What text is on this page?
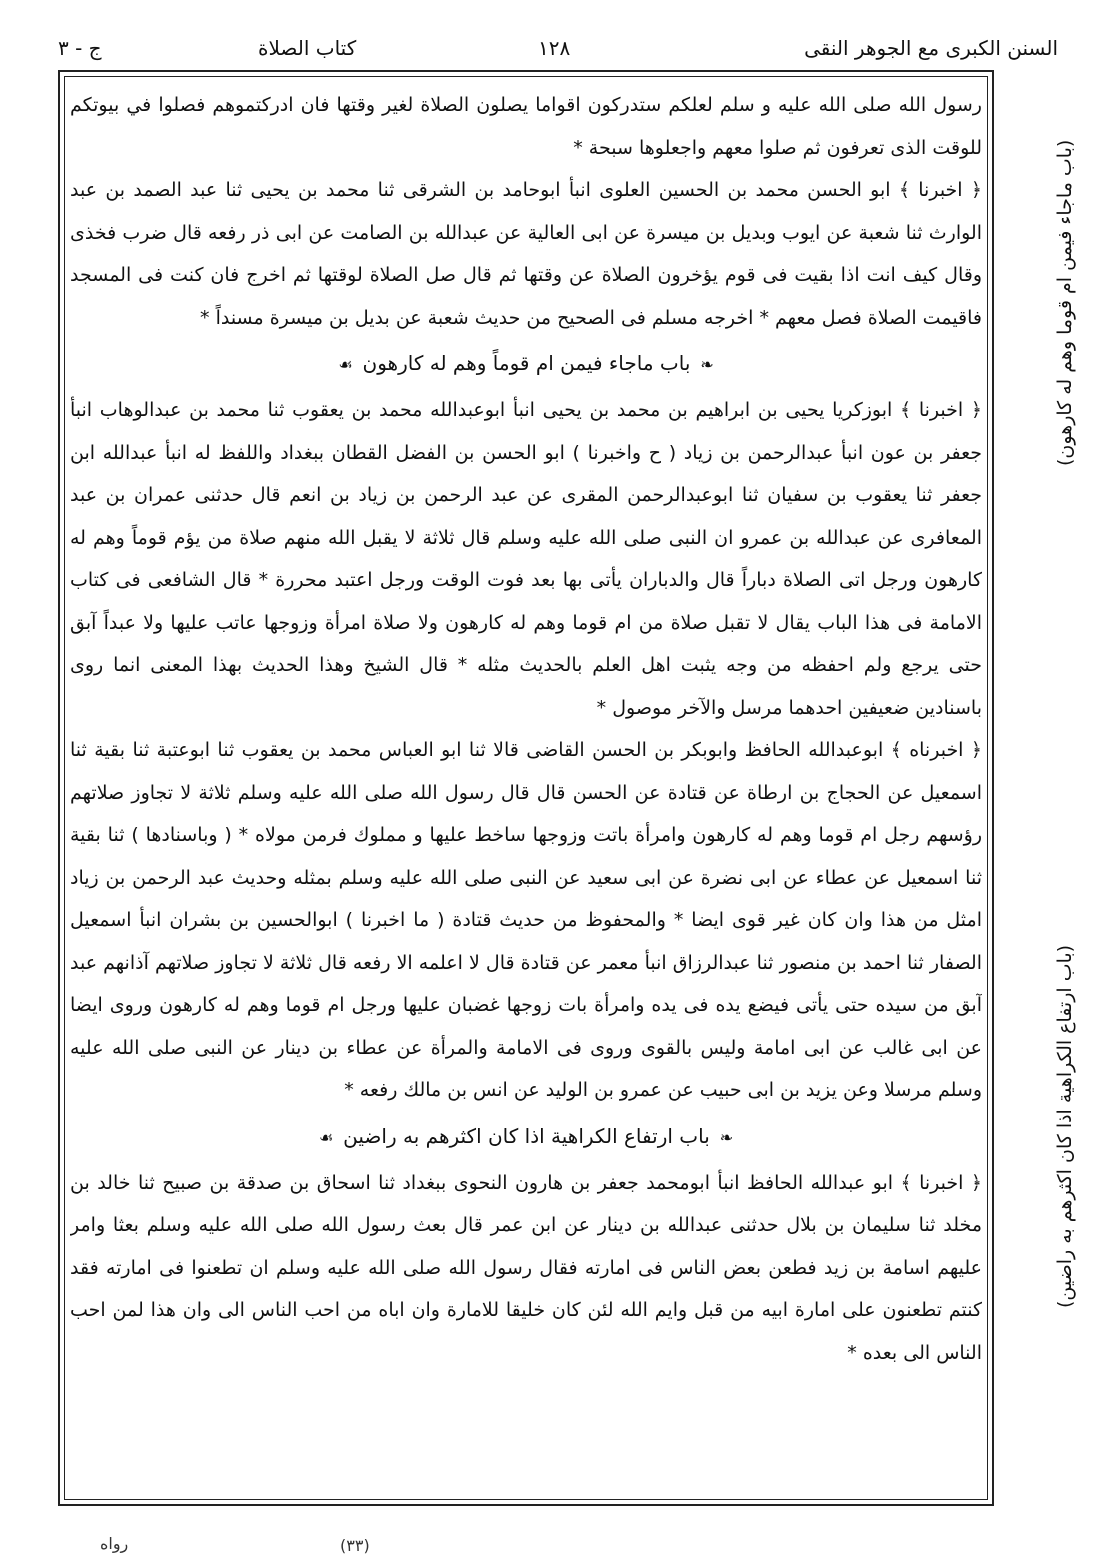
السنن الكبرى مع الجوهر النقى
١٢٨
كتاب الصلاة
ج - ٣
(باب ماجاء فيمن ام قوما وهم له كارهون)
(باب ارتفاع الكراهية اذا كان اكثرهم به راضين)

رسول الله صلى الله عليه و سلم لعلكم ستدركون اقواما يصلون الصلاة لغير وقتها فان ادركتموهم فصلوا في بيوتكم للوقت الذى تعرفون ثم صلوا معهم واجعلوها سبحة *

﴿ اخبرنا ﴾ ابو الحسن محمد بن الحسين العلوى انبأ ابوحامد بن الشرقى ثنا محمد بن يحيى ثنا عبد الصمد بن عبد الوارث ثنا شعبة عن ايوب وبديل بن ميسرة عن ابى العالية عن عبدالله بن الصامت عن ابى ذر رفعه قال ضرب فخذى وقال كيف انت اذا بقيت فى قوم يؤخرون الصلاة عن وقتها ثم قال صل الصلاة لوقتها ثم اخرج فان كنت فى المسجد فاقيمت الصلاة فصل معهم * اخرجه مسلم فى الصحيح من حديث شعبة عن بديل بن ميسرة مسنداً *

❧باب ماجاء فيمن ام قوماً وهم له كارهون☙

﴿ اخبرنا ﴾ ابوزكريا يحيى بن ابراهيم بن محمد بن يحيى انبأ ابوعبدالله محمد بن يعقوب ثنا محمد بن عبدالوهاب انبأ جعفر بن عون انبأ عبدالرحمن بن زياد ( ح واخبرنا ) ابو الحسن بن الفضل القطان ببغداد واللفظ له انبأ عبدالله ابن جعفر ثنا يعقوب بن سفيان ثنا ابوعبدالرحمن المقرى عن عبد الرحمن بن زياد بن انعم قال حدثنى عمران بن عبد المعافرى عن عبدالله بن عمرو ان النبى صلى الله عليه وسلم قال ثلاثة لا يقبل الله منهم صلاة من يؤم قوماً وهم له كارهون ورجل اتى الصلاة دباراً قال والدباران يأتى بها بعد فوت الوقت ورجل اعتبد محررة * قال الشافعى فى كتاب الامامة فى هذا الباب يقال لا تقبل صلاة من ام قوما وهم له كارهون ولا صلاة امرأة وزوجها عاتب عليها ولا عبداً آبق حتى يرجع ولم احفظه من وجه يثبت اهل العلم بالحديث مثله * قال الشيخ وهذا الحديث بهذا المعنى انما روى باسنادين ضعيفين احدهما مرسل والآخر موصول *

﴿ اخبرناه ﴾ ابوعبدالله الحافظ وابوبكر بن الحسن القاضى قالا ثنا ابو العباس محمد بن يعقوب ثنا ابوعتبة ثنا بقية ثنا اسمعيل عن الحجاج بن ارطاة عن قتادة عن الحسن قال قال رسول الله صلى الله عليه وسلم ثلاثة لا تجاوز صلاتهم رؤسهم رجل ام قوما وهم له كارهون وامرأة باتت وزوجها ساخط عليها و مملوك فرمن مولاه * ( وباسنادها ) ثنا بقية ثنا اسمعيل عن عطاء عن ابى نضرة عن ابى سعيد عن النبى صلى الله عليه وسلم بمثله وحديث عبد الرحمن بن زياد امثل من هذا وان كان غير قوى ايضا * والمحفوظ من حديث قتادة ( ما اخبرنا ) ابوالحسين بن بشران انبأ اسمعيل الصفار ثنا احمد بن منصور ثنا عبدالرزاق انبأ معمر عن قتادة قال لا اعلمه الا رفعه قال ثلاثة لا تجاوز صلاتهم آذانهم عبد آبق من سيده حتى يأتى فيضع يده فى يده وامرأة بات زوجها غضبان عليها ورجل ام قوما وهم له كارهون وروى ايضا عن ابى غالب عن ابى امامة وليس بالقوى وروى فى الامامة والمرأة عن عطاء بن دينار عن النبى صلى الله عليه وسلم مرسلا وعن يزيد بن ابى حبيب عن عمرو بن الوليد عن انس بن مالك رفعه *

❧باب ارتفاع الكراهية اذا كان اكثرهم به راضين☙

﴿ اخبرنا ﴾ ابو عبدالله الحافظ انبأ ابومحمد جعفر بن هارون النحوى ببغداد ثنا اسحاق بن صدقة بن صبيح ثنا خالد بن مخلد ثنا سليمان بن بلال حدثنى عبدالله بن دينار عن ابن عمر قال بعث رسول الله صلى الله عليه وسلم بعثا وامر عليهم اسامة بن زيد فطعن بعض الناس فى امارته فقال رسول الله صلى الله عليه وسلم ان تطعنوا فى امارته فقد كنتم تطعنون على امارة ابيه من قبل وايم الله لئن كان خليقا للامارة وان اباه من احب الناس الى وان هذا لمن احب الناس الى بعده *

رواه	(٣٣)
